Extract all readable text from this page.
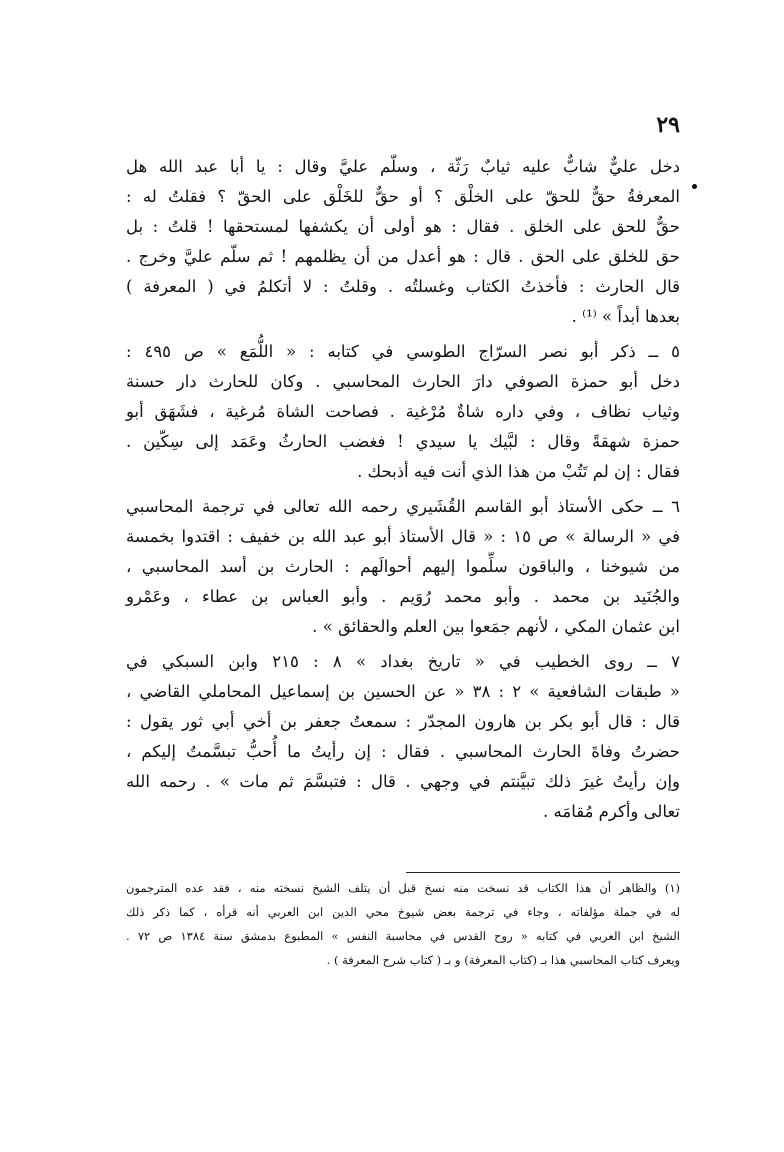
٢٩
دخل عليٌّ شابٌّ عليه ثيابٌ رَثّة ، وسلّم عليَّ وقال : يا أبا عبد الله هل
المعرفةُ حقٌّ للحقّ على الخلْق ؟ أو حقٌّ للخَلْق على الحقّ ؟ فقلتُ له :
حقٌّ للحق على الخلق . فقال : هو أولى أن يكشفها لمستحقها ! قلتُ : بل
حق للخلق على الحق . قال : هو أعدل من أن يظلمهم ! ثم سلّم عليَّ وخرج .
قال الحارث : فأخذتُ الكتاب وغسلتُه . وقلتُ : لا أتكلمُ في ( المعرفة )
بعدها أبداً » ⁽¹⁾ .
٥ ــ ذكر أبو نصر السرّاج الطوسي في كتابه : « اللُّمَع » ص ٤٩٥ :
دخل أبو حمزة الصوفي دارَ الحارث المحاسبي . وكان للحارث دار حسنة
وثياب نظاف ، وفي داره شاةٌ مُرْغية . فصاحت الشاة مُرغية ، فشَهَق أبو
حمزة شهقةً وقال : لبَّيك يا سيدي ! فغضب الحارثُ وعَمَد إلى سِكّين .
فقال : إن لم تَتُبْ من هذا الذي أنت فيه أذبحك .
٦ ــ حكى الأستاذ أبو القاسم القُشَيري رحمه الله تعالى في ترجمة المحاسبي
في « الرسالة » ص ١٥ : « قال الأستاذ أبو عبد الله بن خفيف : اقتدوا بخمسة
من شيوخنا ، والباقون سلِّموا إليهم أحوالَهم : الحارث بن أسد المحاسبي ،
والجُنَيد بن محمد . وأبو محمد رُوَيم . وأبو العباس بن عطاء ، وعَمْرو
ابن عثمان المكي ، لأنهم جمَعوا بين العلم والحقائق » .
٧ ــ روى الخطيب في « تاريخ بغداد » ٨ : ٢١٥ وابن السبكي في
« طبقات الشافعية » ٢ : ٣٨ « عن الحسين بن إسماعيل المحاملي القاضي ،
قال : قال أبو بكر بن هارون المجدّر : سمعتُ جعفر بن أخي أبي ثور يقول :
حضرتُ وفاةَ الحارث المحاسبي . فقال : إن رأيتُ ما أُحبُّ تبسَّمتُ إليكم ،
وإن رأيتُ غيرَ ذلك تبيَّنتم في وجهي . قال : فتبسَّمَ ثم مات » . رحمه الله
تعالى وأكرم مُقامَه .
(١) والظاهر أن هذا الكتاب قد نسخت منه نسخ قبل أن يتلف الشيخ نسخته منه ، فقد عده المترجمون
له في جملة مؤلفاته ، وجاء في ترجمة بعض شيوخ محي الدين ابن العربي أنه قرأه ، كما ذكر ذلك
الشيخ ابن العربي في كتابه « روح القدس في محاسبة النفس » المطبوع بدمشق سنة ١٣٨٤ ص ٧٢ .
ويعرف كتاب المحاسبي هذا بـ (كتاب المعرفة) و بـ ( كتاب شرح المعرفة ) .
